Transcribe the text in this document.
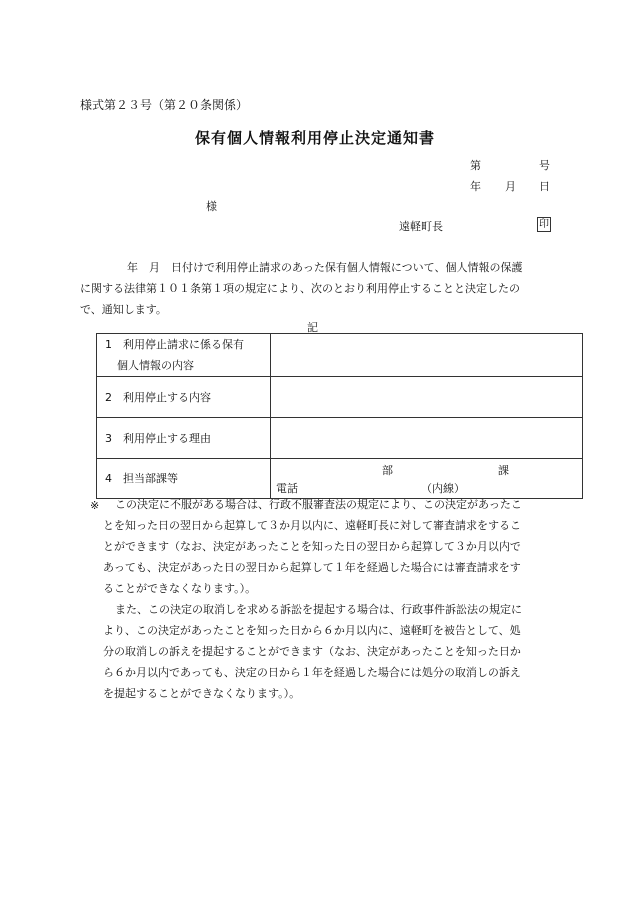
様式第２３号（第２０条関係）
保有個人情報利用停止決定通知書
第	号
年 月 日
様
遠軽町長	印
年　月　日付けで利用停止請求のあった保有個人情報について、個人情報の保護
に関する法律第１０１条第１項の規定により、次のとおり利用停止することと決定したの
で、通知します。
記
1　利用停止請求に係る保有
個人情報の内容	

2　利用停止する内容	
3　利用停止する理由	
4　担当部課等	部 課
電話 （内線）
※ この決定に不服がある場合は、行政不服審査法の規定により、この決定があったこ
とを知った日の翌日から起算して３か月以内に、遠軽町長に対して審査請求をするこ
とができます（なお、決定があったことを知った日の翌日から起算して３か月以内で
あっても、決定があった日の翌日から起算して１年を経過した場合には審査請求をす
ることができなくなります。）。
また、この決定の取消しを求める訴訟を提起する場合は、行政事件訴訟法の規定に
より、この決定があったことを知った日から６か月以内に、遠軽町を被告として、処
分の取消しの訴えを提起することができます（なお、決定があったことを知った日か
ら６か月以内であっても、決定の日から１年を経過した場合には処分の取消しの訴え
を提起することができなくなります。）。
